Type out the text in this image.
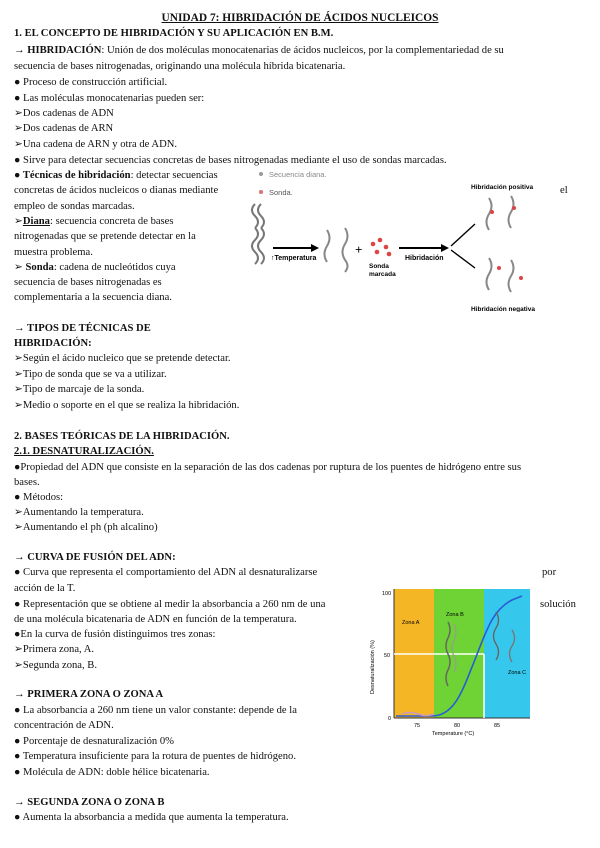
UNIDAD 7: HIBRIDACIÓN DE ÁCIDOS NUCLEICOS
1. EL CONCEPTO DE HIBRIDACIÓN Y SU APLICACIÓN EN B.M.
→ HIBRIDACIÓN: Unión de dos moléculas monocatenarias de ácidos nucleicos, por la complementariedad de su
secuencia de bases nitrogenadas, originando una molécula híbrida bicatenaria.
● Proceso de construcción artificial.
● Las moléculas monocatenarias pueden ser:
➢Dos cadenas de ADN
➢Dos cadenas de ARN
➢Una cadena de ARN y otra de ADN.
● Sirve para detectar secuencias concretas de bases nitrogenadas mediante el uso de sondas marcadas.
● Técnicas de hibridación: detectar secuencias
concretas de ácidos nucleicos o dianas mediante	el
empleo de sondas marcadas.
➢Diana: secuencia concreta de bases
nitrogenadas que se pretende detectar en la
muestra problema.
➢ Sonda: cadena de nucleótidos cuya
secuencia de bases nitrogenadas es
complementaria a la secuencia diana.
Secuencia diana.
Sonda.
↑Temperatura
+
Sonda
marcada
Hibridación
Hibridación positiva
Hibridación negativa
→ TIPOS DE TÉCNICAS DE
HIBRIDACIÓN:
➢Según el ácido nucleico que se pretende detectar.
➢Tipo de sonda que se va a utilizar.
➢Tipo de marcaje de la sonda.
➢Medio o soporte en el que se realiza la hibridación.
2. BASES TEÓRICAS DE LA HIBRIDACIÓN.
2.1. DESNATURALIZACIÓN.
●Propiedad del ADN que consiste en la separación de las dos cadenas por ruptura de los puentes de hidrógeno entre sus
bases.
● Métodos:
➢Aumentando la temperatura.
➢Aumentando el ph (ph alcalino)
→ CURVA DE FUSIÓN DEL ADN:
● Curva que representa el comportamiento del ADN al desnaturalizarse	por
acción de la T.
● Representación que se obtiene al medir la absorbancia a 260 nm de una	solución
de una molécula bicatenaria de ADN en función de la temperatura.
●En la curva de fusión distinguimos tres zonas:
➢Primera zona, A.
➢Segunda zona, B.
Zona A
Zona B
Zona C
100
50
0
75	80	85
Temperature (°C)
Desnaturalización (%)
→ PRIMERA ZONA O ZONA A
● La absorbancia a 260 nm tiene un valor constante: depende de la
concentración de ADN.
● Porcentaje de desnaturalización 0%
● Temperatura insuficiente para la rotura de puentes de hidrógeno.
● Molécula de ADN: doble hélice bicatenaria.
→ SEGUNDA ZONA O ZONA B
● Aumenta la absorbancia a medida que aumenta la temperatura.
